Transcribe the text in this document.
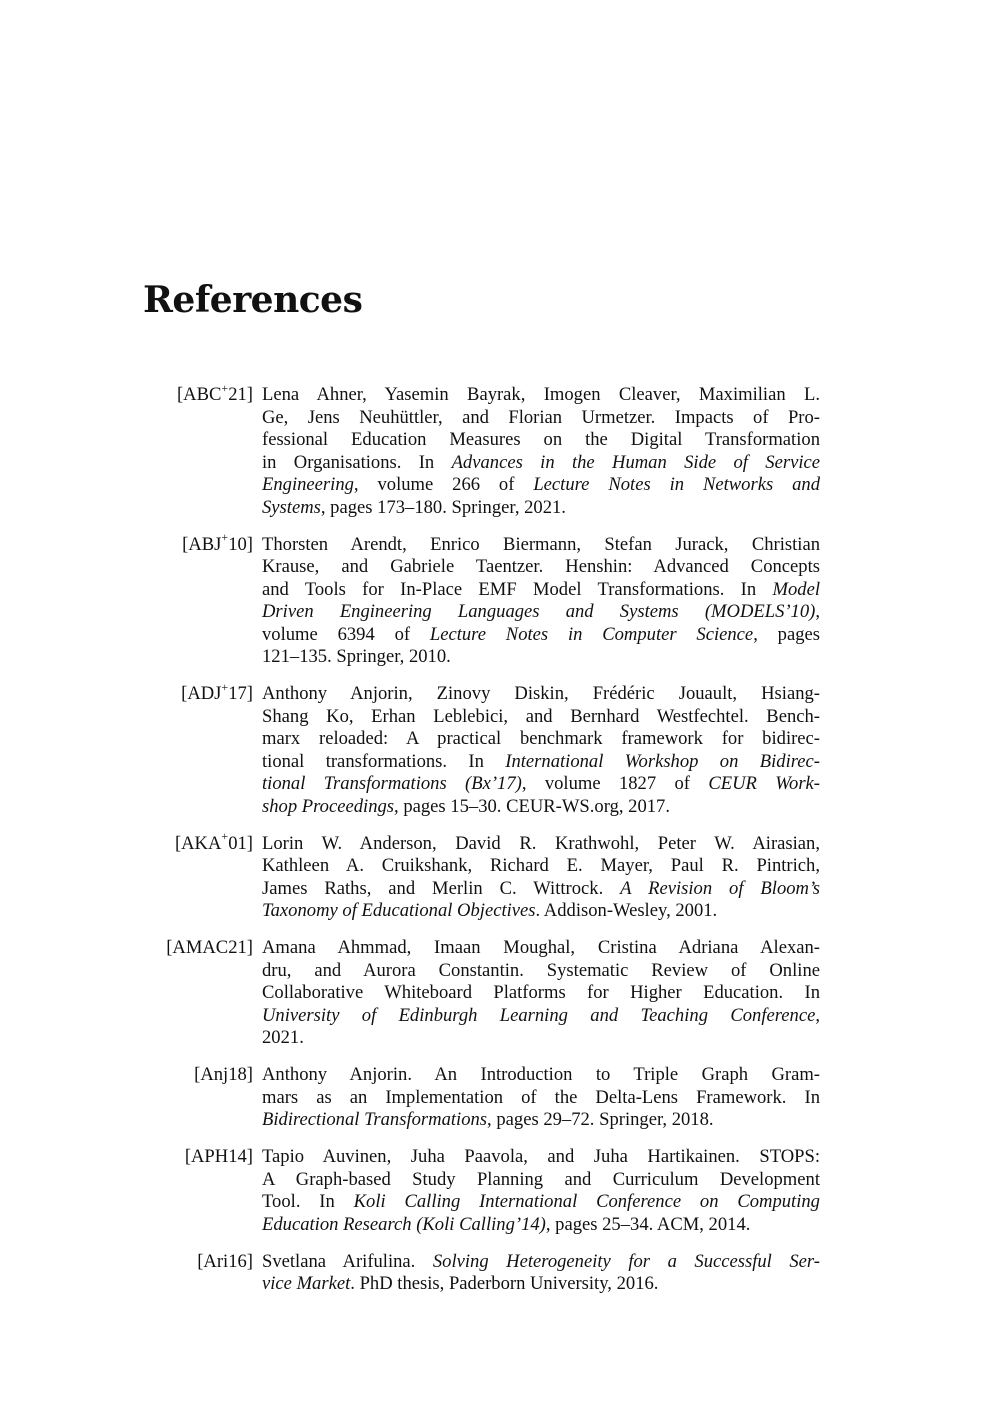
References
[ABC+21] Lena Ahner, Yasemin Bayrak, Imogen Cleaver, Maximilian L.
Ge, Jens Neuhüttler, and Florian Urmetzer. Impacts of Pro-
fessional Education Measures on the Digital Transformation
in Organisations. In Advances in the Human Side of Service
Engineering, volume 266 of Lecture Notes in Networks and
Systems, pages 173–180. Springer, 2021.
[ABJ+10] Thorsten Arendt, Enrico Biermann, Stefan Jurack, Christian
Krause, and Gabriele Taentzer. Henshin: Advanced Concepts
and Tools for In-Place EMF Model Transformations. In Model
Driven Engineering Languages and Systems (MODELS’10),
volume 6394 of Lecture Notes in Computer Science, pages
121–135. Springer, 2010.
[ADJ+17] Anthony Anjorin, Zinovy Diskin, Frédéric Jouault, Hsiang-
Shang Ko, Erhan Leblebici, and Bernhard Westfechtel. Bench-
marx reloaded: A practical benchmark framework for bidirec-
tional transformations. In International Workshop on Bidirec-
tional Transformations (Bx’17), volume 1827 of CEUR Work-
shop Proceedings, pages 15–30. CEUR-WS.org, 2017.
[AKA+01] Lorin W. Anderson, David R. Krathwohl, Peter W. Airasian,
Kathleen A. Cruikshank, Richard E. Mayer, Paul R. Pintrich,
James Raths, and Merlin C. Wittrock. A Revision of Bloom’s
Taxonomy of Educational Objectives. Addison-Wesley, 2001.
[AMAC21] Amana Ahmmad, Imaan Moughal, Cristina Adriana Alexan-
dru, and Aurora Constantin. Systematic Review of Online
Collaborative Whiteboard Platforms for Higher Education. In
University of Edinburgh Learning and Teaching Conference,
2021.
[Anj18] Anthony Anjorin. An Introduction to Triple Graph Gram-
mars as an Implementation of the Delta-Lens Framework. In
Bidirectional Transformations, pages 29–72. Springer, 2018.
[APH14] Tapio Auvinen, Juha Paavola, and Juha Hartikainen. STOPS:
A Graph-based Study Planning and Curriculum Development
Tool. In Koli Calling International Conference on Computing
Education Research (Koli Calling’14), pages 25–34. ACM, 2014.
[Ari16] Svetlana Arifulina. Solving Heterogeneity for a Successful Ser-
vice Market. PhD thesis, Paderborn University, 2016.
